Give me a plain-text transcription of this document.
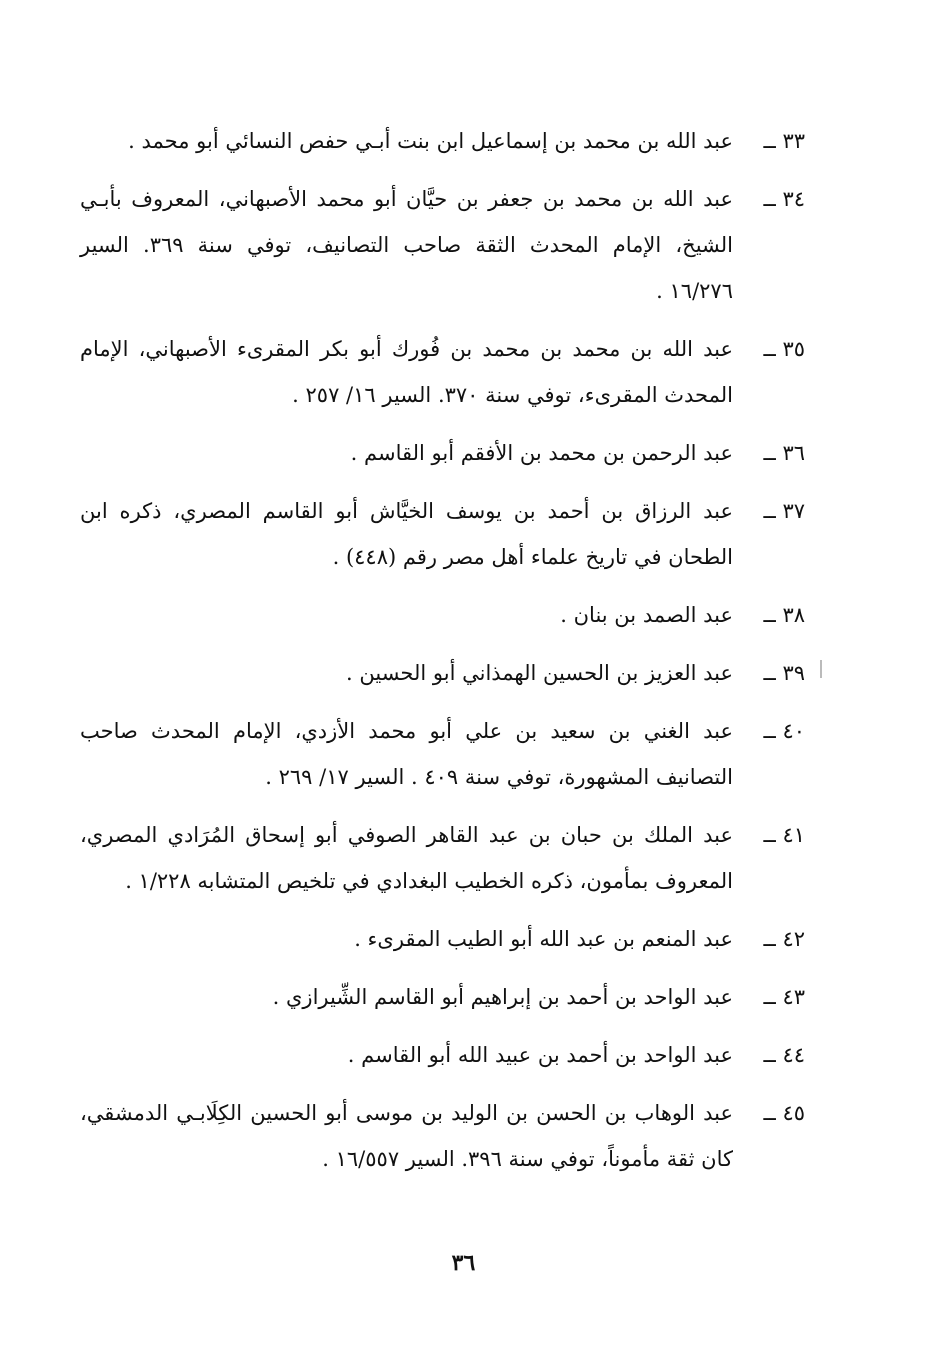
٣٣ ــ
عبد الله بن محمد بن إسماعيل ابن بنت أبـي حفص النسائي أبو محمد .
٣٤ ــ
عبد الله بن محمد بن جعفر بن حيَّان أبو محمد الأصبهاني، المعروف بأبـي الشيخ، الإمام المحدث الثقة صاحب التصانيف، توفي سنة ٣٦٩. السير ١٦/٢٧٦ .
٣٥ ــ
عبد الله بن محمد بن محمد بن فُورك أبو بكر المقرىء الأصبهاني، الإمام المحدث المقرىء، توفي سنة ٣٧٠. السير ١٦/ ٢٥٧ .
٣٦ ــ
عبد الرحمن بن محمد بن الأفقم أبو القاسم .
٣٧ ــ
عبد الرزاق بن أحمد بن يوسف الخيَّاش أبو القاسم المصري، ذكره ابن الطحان في تاريخ علماء أهل مصر رقم (٤٤٨) .
٣٨ ــ
عبد الصمد بن بنان .
٣٩ ــ
عبد العزيز بن الحسين الهمذاني أبو الحسين .
٤٠ ــ
عبد الغني بن سعيد بن علي أبو محمد الأزدي، الإمام المحدث صاحب التصانيف المشهورة، توفي سنة ٤٠٩ . السير ١٧/ ٢٦٩ .
٤١ ــ
عبد الملك بن حبان بن عبد القاهر الصوفي أبو إسحاق المُرَادي المصري، المعروف بمأمون، ذكره الخطيب البغدادي في تلخيص المتشابه ١/٢٢٨ .
٤٢ ــ
عبد المنعم بن عبد الله أبو الطيب المقرىء .
٤٣ ــ
عبد الواحد بن أحمد بن إبراهيم أبو القاسم الشِّيرازي .
٤٤ ــ
عبد الواحد بن أحمد بن عبيد الله أبو القاسم .
٤٥ ــ
عبد الوهاب بن الحسن بن الوليد بن موسى أبو الحسين الكِلَابـي الدمشقي، كان ثقة مأموناً، توفي سنة ٣٩٦. السير ١٦/٥٥٧ .
٣٦
